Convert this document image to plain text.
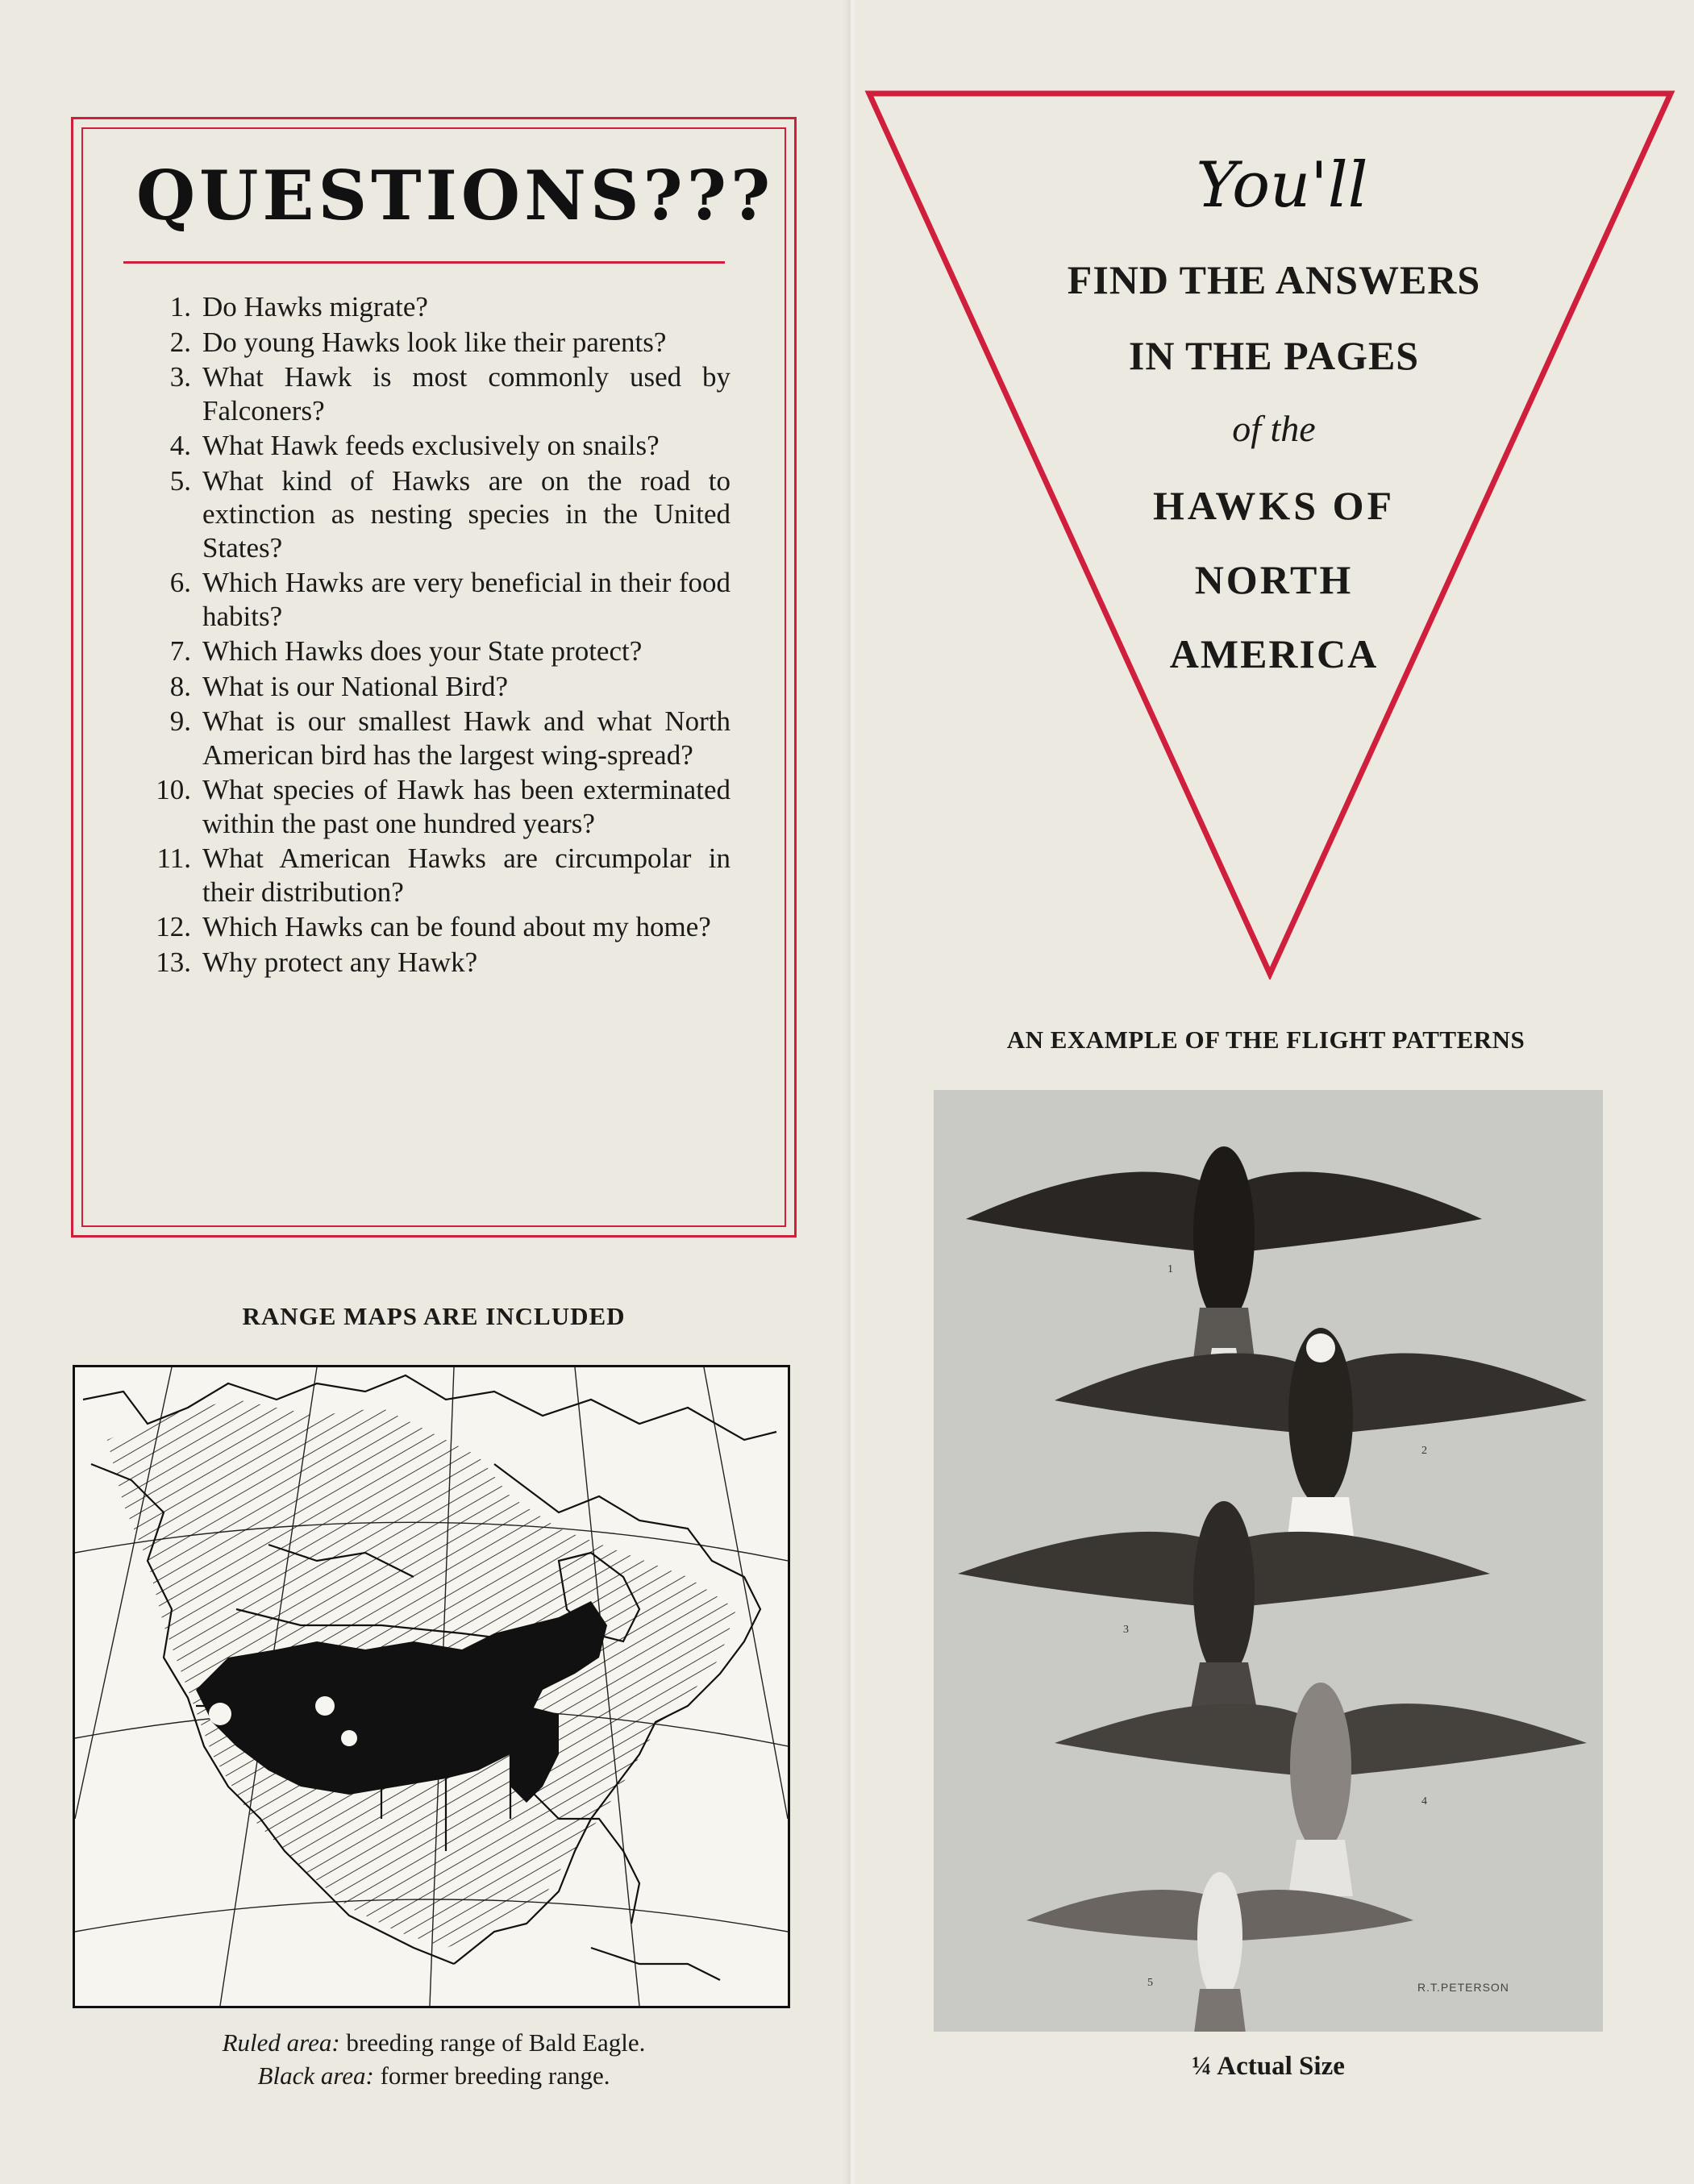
QUESTIONS???
1. Do Hawks migrate?
2. Do young Hawks look like their parents?
3. What Hawk is most commonly used by Falconers?
4. What Hawk feeds exclusively on snails?
5. What kind of Hawks are on the road to extinction as nesting species in the United States?
6. Which Hawks are very beneficial in their food habits?
7. Which Hawks does your State protect?
8. What is our National Bird?
9. What is our smallest Hawk and what North American bird has the largest wing-spread?
10. What species of Hawk has been exterminated within the past one hundred years?
11. What American Hawks are circumpolar in their distribution?
12. Which Hawks can be found about my home?
13. Why protect any Hawk?
RANGE MAPS ARE INCLUDED
Ruled area: breeding range of Bald Eagle.
Black area: former breeding range.
You'll
FIND THE ANSWERS
IN THE PAGES
of the
HAWKS OF
NORTH
AMERICA
AN EXAMPLE OF THE FLIGHT PATTERNS
1
2
3
4
5	R.T.PETERSON
¼ Actual Size
